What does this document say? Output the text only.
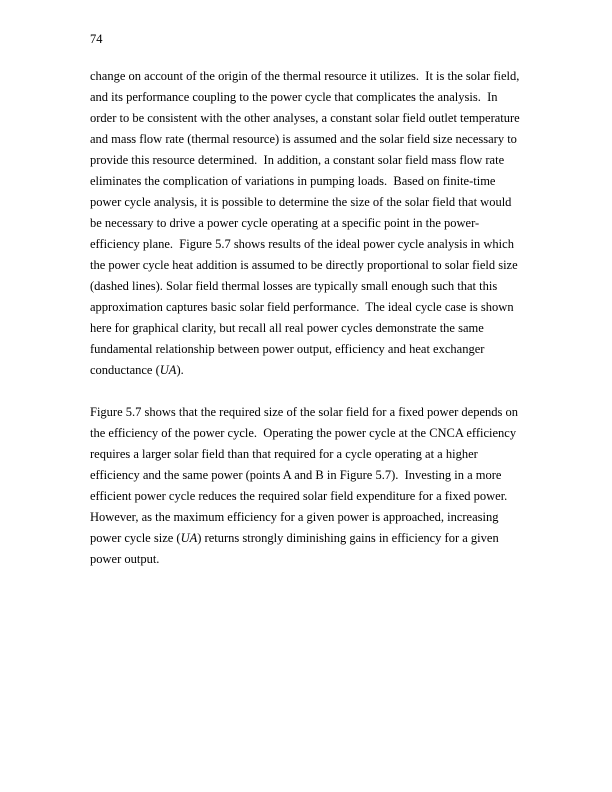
74

change on account of the origin of the thermal resource it utilizes.  It is the solar field, and its performance coupling to the power cycle that complicates the analysis.  In order to be consistent with the other analyses, a constant solar field outlet temperature and mass flow rate (thermal resource) is assumed and the solar field size necessary to provide this resource determined.  In addition, a constant solar field mass flow rate eliminates the complication of variations in pumping loads.  Based on finite-time power cycle analysis, it is possible to determine the size of the solar field that would be necessary to drive a power cycle operating at a specific point in the power-efficiency plane.  Figure 5.7 shows results of the ideal power cycle analysis in which the power cycle heat addition is assumed to be directly proportional to solar field size (dashed lines). Solar field thermal losses are typically small enough such that this approximation captures basic solar field performance.  The ideal cycle case is shown here for graphical clarity, but recall all real power cycles demonstrate the same fundamental relationship between power output, efficiency and heat exchanger conductance (UA).

Figure 5.7 shows that the required size of the solar field for a fixed power depends on the efficiency of the power cycle.  Operating the power cycle at the CNCA efficiency requires a larger solar field than that required for a cycle operating at a higher efficiency and the same power (points A and B in Figure 5.7).  Investing in a more efficient power cycle reduces the required solar field expenditure for a fixed power.  However, as the maximum efficiency for a given power is approached, increasing power cycle size (UA) returns strongly diminishing gains in efficiency for a given power output.
